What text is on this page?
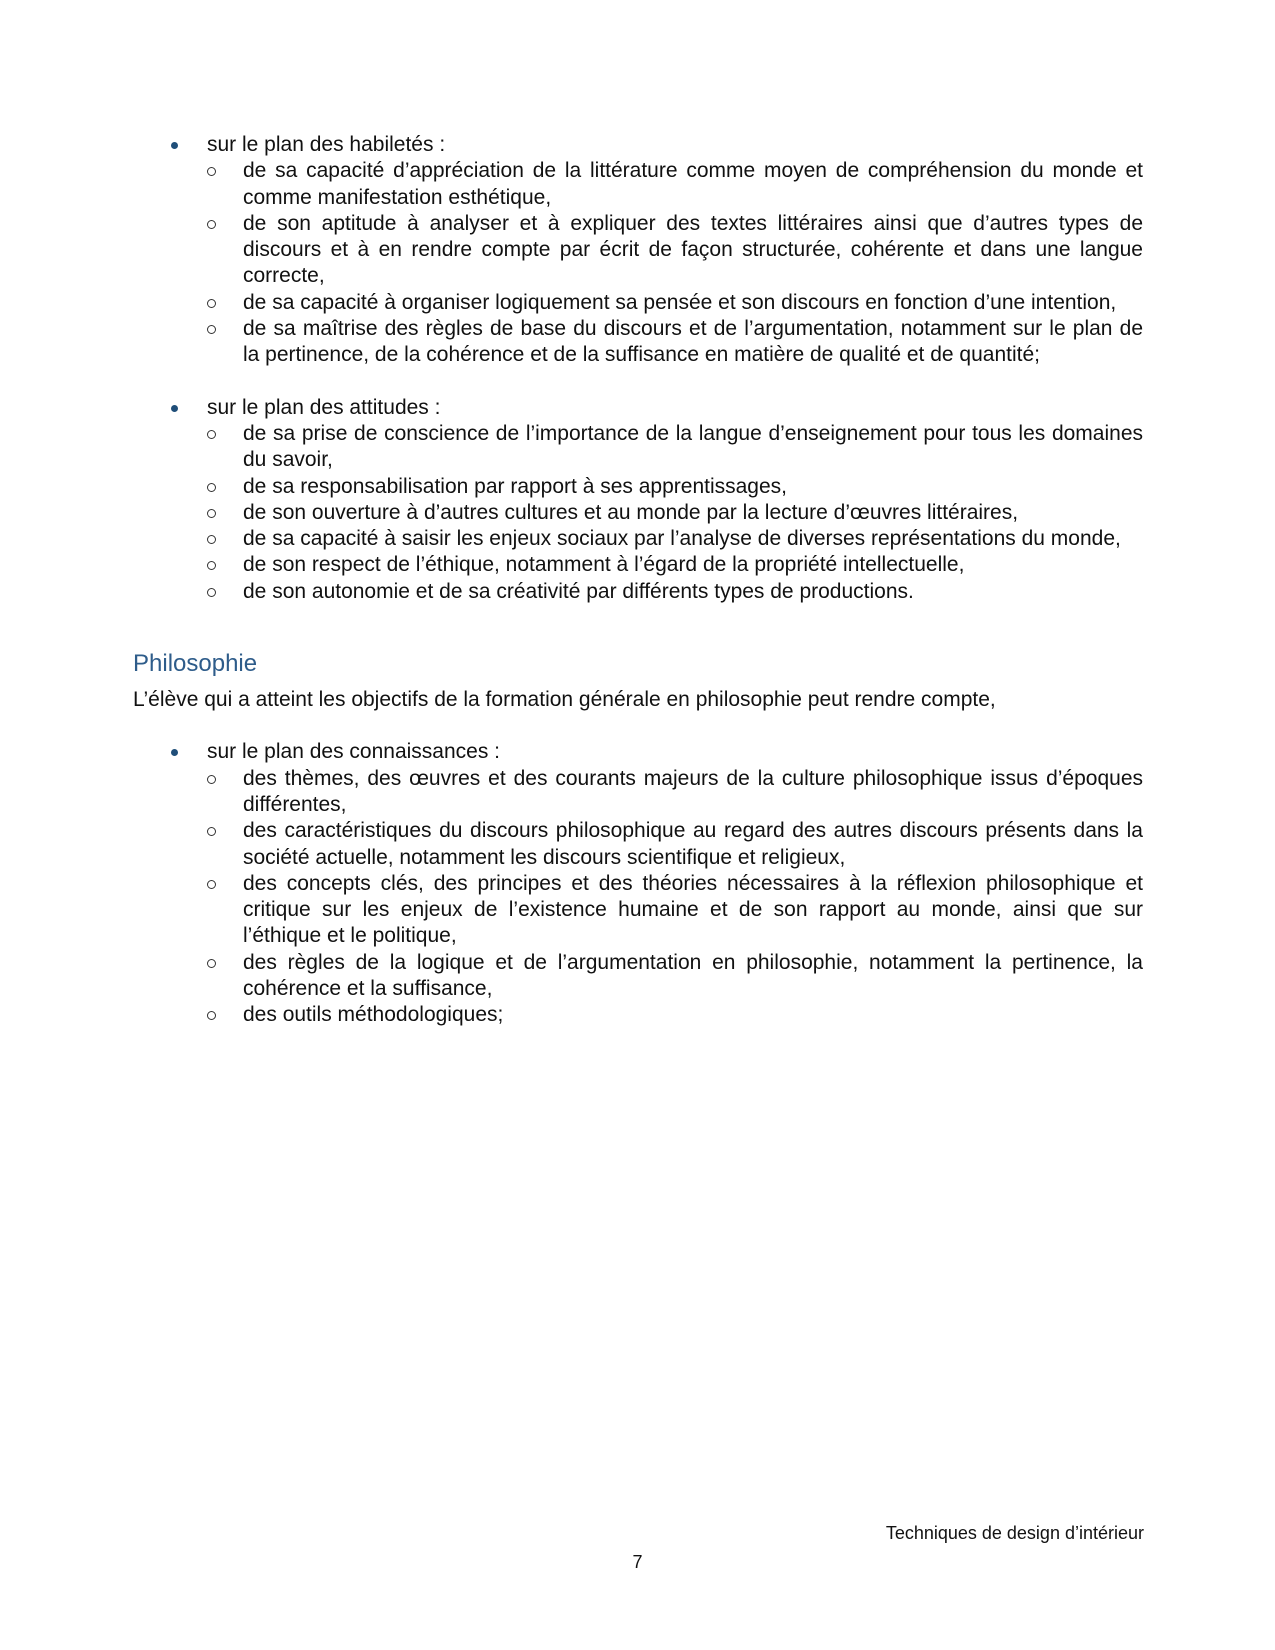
sur le plan des habiletés :
de sa capacité d’appréciation de la littérature comme moyen de compréhension du monde et comme manifestation esthétique,
de son aptitude à analyser et à expliquer des textes littéraires ainsi que d’autres types de discours et à en rendre compte par écrit de façon structurée, cohérente et dans une langue correcte,
de sa capacité à organiser logiquement sa pensée et son discours en fonction d’une intention,
de sa maîtrise des règles de base du discours et de l’argumentation, notamment sur le plan de la pertinence, de la cohérence et de la suffisance en matière de qualité et de quantité;
sur le plan des attitudes :
de sa prise de conscience de l’importance de la langue d’enseignement pour tous les domaines du savoir,
de sa responsabilisation par rapport à ses apprentissages,
de son ouverture à d’autres cultures et au monde par la lecture d’œuvres littéraires,
de sa capacité à saisir les enjeux sociaux par l’analyse de diverses représentations du monde,
de son respect de l’éthique, notamment à l’égard de la propriété intellectuelle,
de son autonomie et de sa créativité par différents types de productions.
Philosophie

L’élève qui a atteint les objectifs de la formation générale en philosophie peut rendre compte,

sur le plan des connaissances :
des thèmes, des œuvres et des courants majeurs de la culture philosophique issus d’époques différentes,
des caractéristiques du discours philosophique au regard des autres discours présents dans la société actuelle, notamment les discours scientifique et religieux,
des concepts clés, des principes et des théories nécessaires à la réflexion philosophique et critique sur les enjeux de l’existence humaine et de son rapport au monde, ainsi que sur l’éthique et le politique,
des règles de la logique et de l’argumentation en philosophie, notamment la pertinence, la cohérence et la suffisance,
des outils méthodologiques;
Techniques de design d’intérieur
7
